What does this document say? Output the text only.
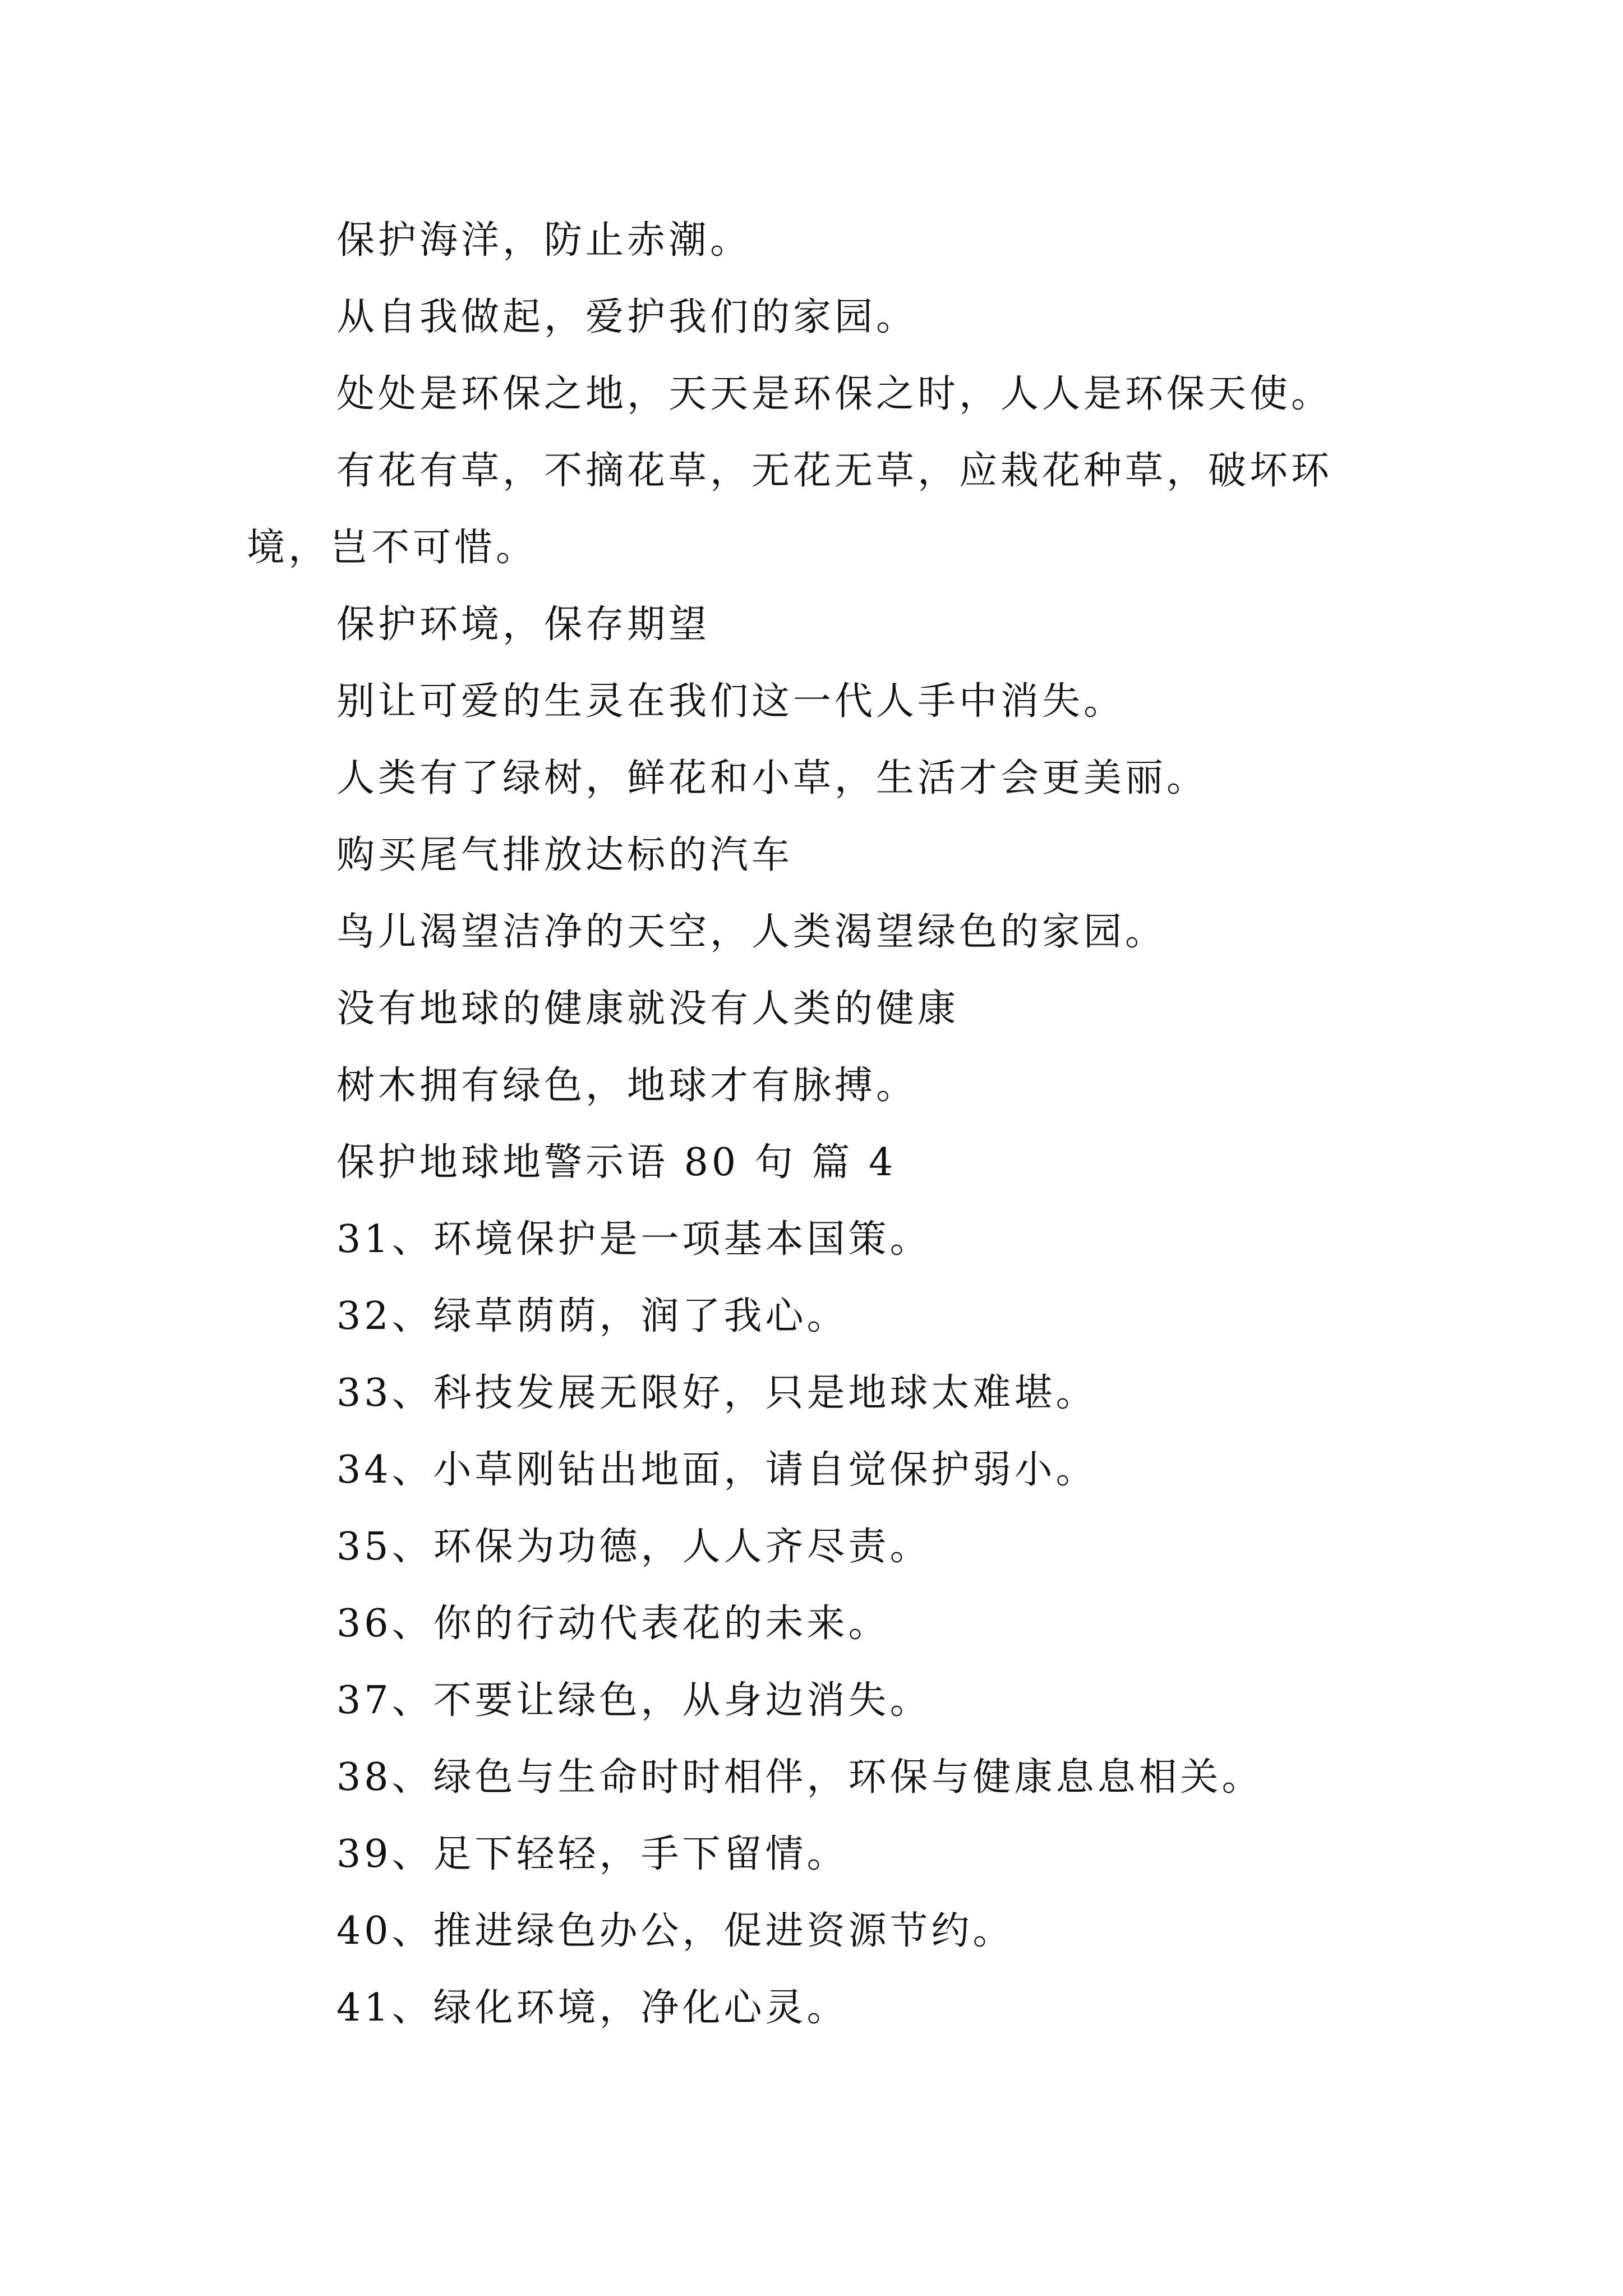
保护海洋，防止赤潮。
从自我做起，爱护我们的家园。
处处是环保之地，天天是环保之时，人人是环保天使。
有花有草，不摘花草，无花无草，应栽花种草，破坏环
境，岂不可惜。
保护环境，保存期望
别让可爱的生灵在我们这一代人手中消失。
人类有了绿树，鲜花和小草，生活才会更美丽。
购买尾气排放达标的汽车
鸟儿渴望洁净的天空，人类渴望绿色的家园。
没有地球的健康就没有人类的健康
树木拥有绿色，地球才有脉搏。
保护地球地警示语 80 句 篇 4
31、环境保护是一项基本国策。
32、绿草荫荫，润了我心。
33、科技发展无限好，只是地球太难堪。
34、小草刚钻出地面，请自觉保护弱小。
35、环保为功德，人人齐尽责。
36、你的行动代表花的未来。
37、不要让绿色，从身边消失。
38、绿色与生命时时相伴，环保与健康息息相关。
39、足下轻轻，手下留情。
40、推进绿色办公，促进资源节约。
41、绿化环境，净化心灵。
